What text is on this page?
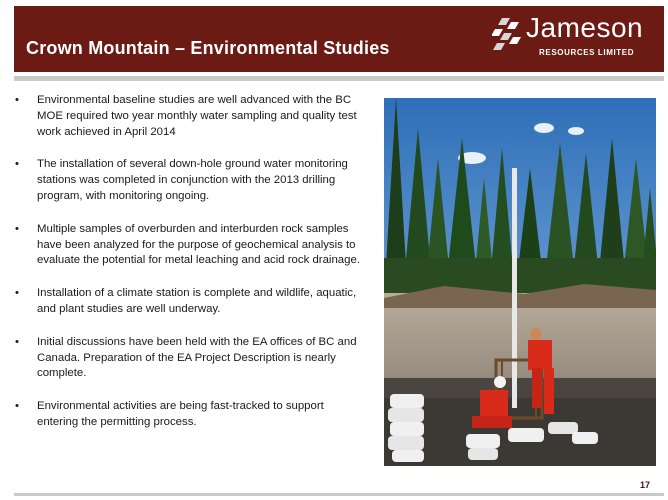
Crown Mountain – Environmental Studies
Jameson
RESOURCES LIMITED
• Environmental baseline studies are well advanced with the BC MOE required two year monthly water sampling and quality test work achieved in April 2014
• The installation of several down-hole ground water monitoring stations was completed in conjunction with the 2013 drilling program, with monitoring ongoing.
• Multiple samples of overburden and interburden rock samples have been analyzed for the purpose of geochemical analysis to evaluate the potential for metal leaching and acid rock drainage.
• Installation of a climate station is complete and wildlife, aquatic, and plant studies are well underway.
• Initial discussions have been held with the EA offices of BC and Canada. Preparation of the EA Project Description is nearly complete.
• Environmental activities are being fast-tracked to support entering the permitting process.
17
